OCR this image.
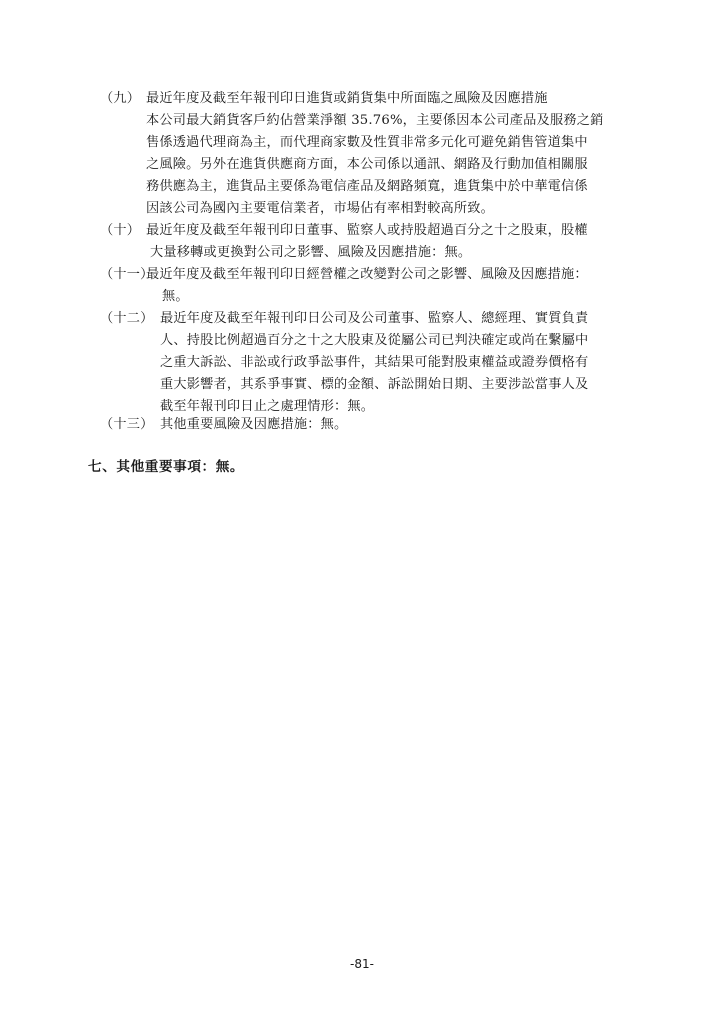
（九） 最近年度及截至年報刊印日進貨或銷貨集中所面臨之風險及因應措施
本公司最大銷貨客戶約佔營業淨額 35.76%，主要係因本公司產品及服務之銷
售係透過代理商為主，而代理商家數及性質非常多元化可避免銷售管道集中
之風險。另外在進貨供應商方面，本公司係以通訊、網路及行動加值相關服
務供應為主，進貨品主要係為電信產品及網路頻寬，進貨集中於中華電信係
因該公司為國內主要電信業者，市場佔有率相對較高所致。
（十） 最近年度及截至年報刊印日董事、監察人或持股超過百分之十之股東，股權
大量移轉或更換對公司之影響、風險及因應措施：無。
（十一）
最近年度及截至年報刊印日經營權之改變對公司之影響、風險及因應措施：
無。
（十二） 最近年度及截至年報刊印日公司及公司董事、監察人、總經理、實質負責
人、持股比例超過百分之十之大股東及從屬公司已判決確定或尚在繫屬中
之重大訴訟、非訟或行政爭訟事件，其結果可能對股東權益或證券價格有
重大影響者，其系爭事實、標的金額、訴訟開始日期、主要涉訟當事人及
截至年報刊印日止之處理情形：無。
（十三） 其他重要風險及因應措施：無。
七、其他重要事項：無。
-81-
